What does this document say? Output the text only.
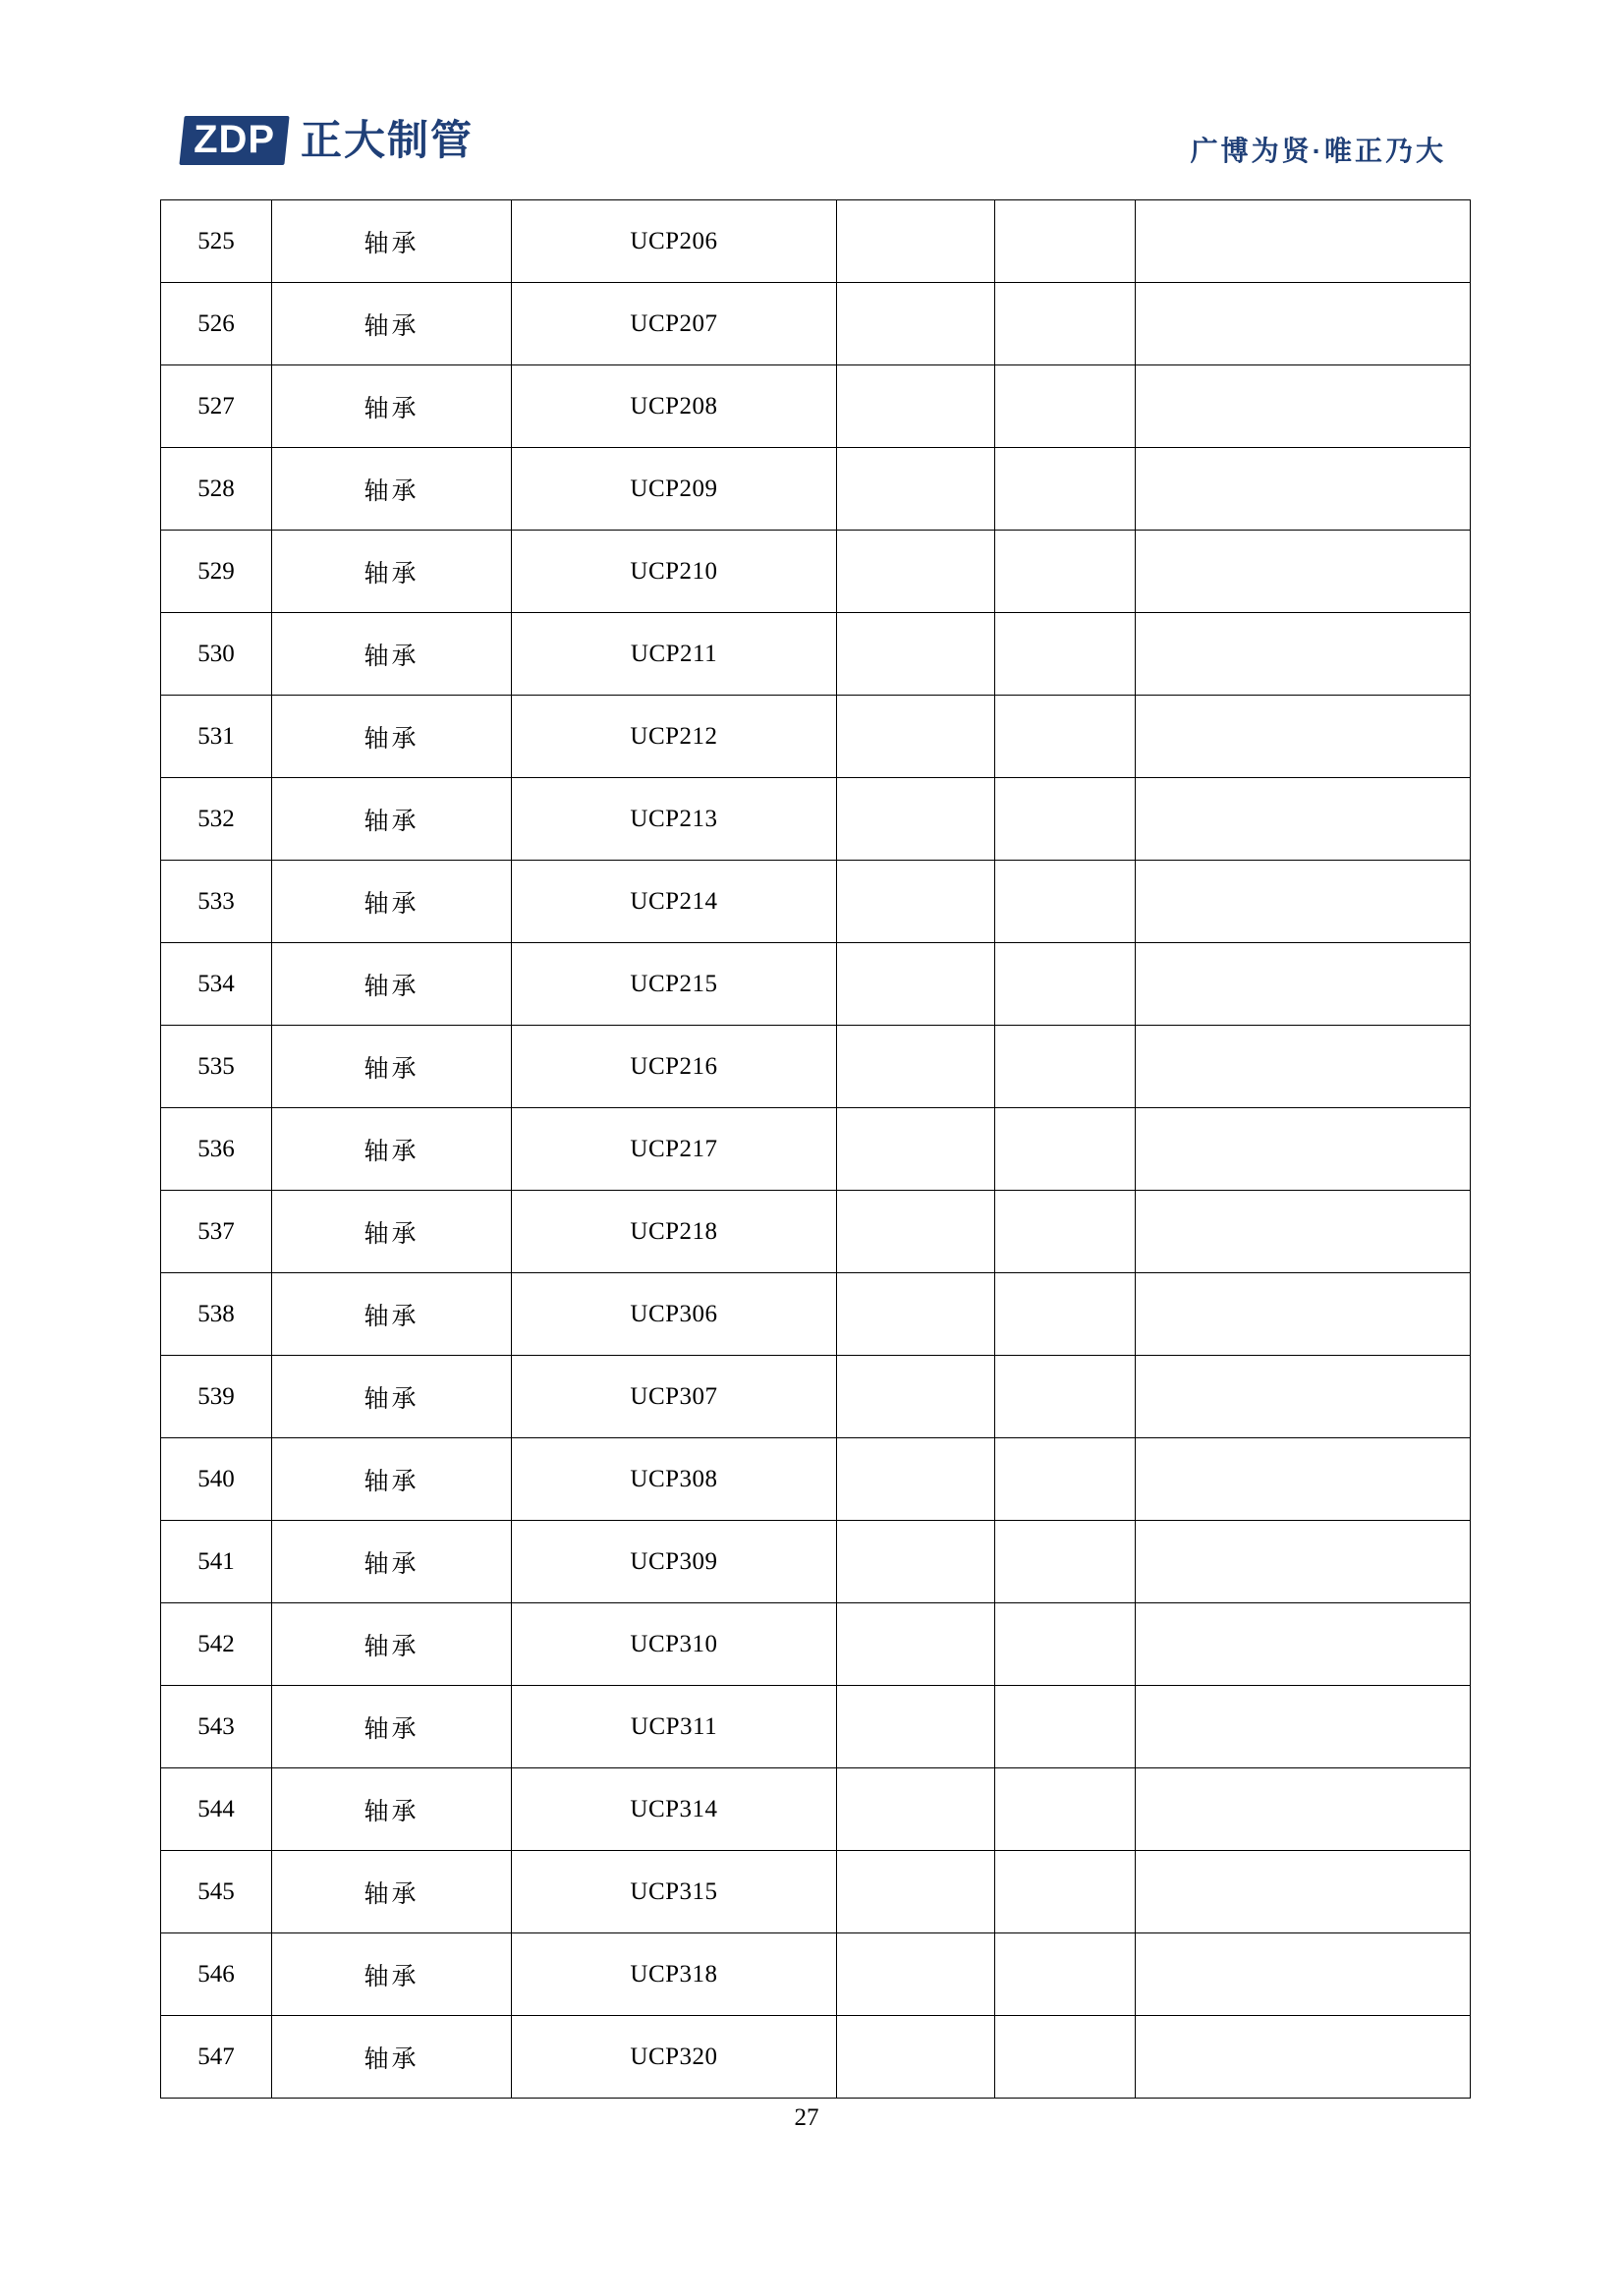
ZDP 正大制管	广博为贤·唯正乃大
525	轴承	UCP206			
526	轴承	UCP207			
527	轴承	UCP208			
528	轴承	UCP209			
529	轴承	UCP210			
530	轴承	UCP211			
531	轴承	UCP212			
532	轴承	UCP213			
533	轴承	UCP214			
534	轴承	UCP215			
535	轴承	UCP216			
536	轴承	UCP217			
537	轴承	UCP218			
538	轴承	UCP306			
539	轴承	UCP307			
540	轴承	UCP308			
541	轴承	UCP309			
542	轴承	UCP310			
543	轴承	UCP311			
544	轴承	UCP314			
545	轴承	UCP315			
546	轴承	UCP318			
547	轴承	UCP320			
27
